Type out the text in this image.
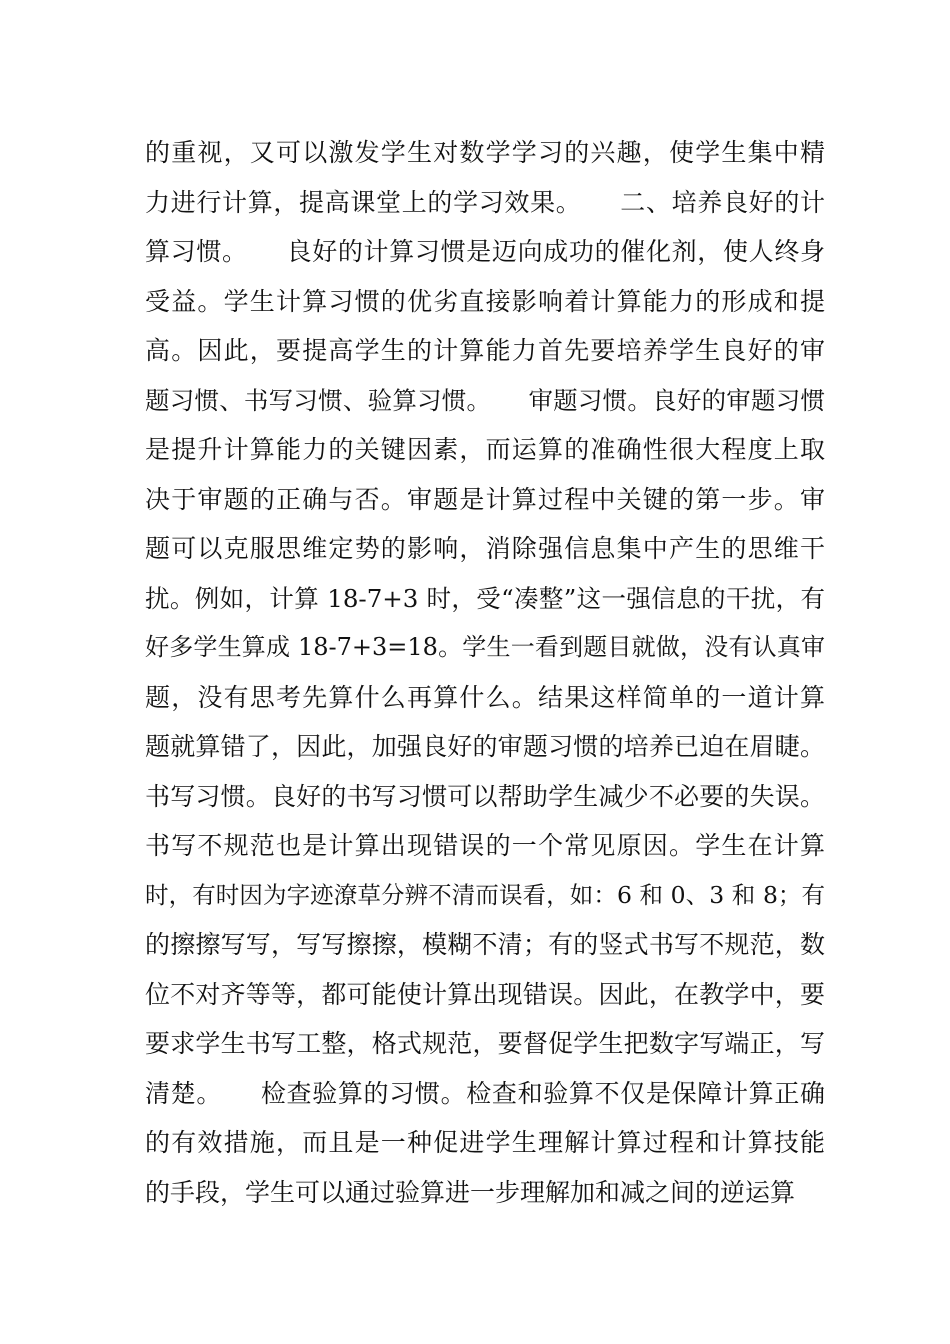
的重视，又可以激发学生对数学学习的兴趣，使学生集中精
力进行计算，提高课堂上的学习效果。　　二、培养良好的计
算习惯。　　良好的计算习惯是迈向成功的催化剂，使人终身
受益。学生计算习惯的优劣直接影响着计算能力的形成和提
高。因此，要提高学生的计算能力首先要培养学生良好的审
题习惯、书写习惯、验算习惯。　　审题习惯。良好的审题习惯
是提升计算能力的关键因素，而运算的准确性很大程度上取
决于审题的正确与否。审题是计算过程中关键的第一步。审
题可以克服思维定势的影响，消除强信息集中产生的思维干
扰。例如，计算 18-7+3 时，受“凑整”这一强信息的干扰，有
好多学生算成 18-7+3=18。学生一看到题目就做，没有认真审
题，没有思考先算什么再算什么。结果这样简单的一道计算
题就算错了，因此，加强良好的审题习惯的培养已迫在眉睫。
书写习惯。良好的书写习惯可以帮助学生减少不必要的失误。
书写不规范也是计算出现错误的一个常见原因。学生在计算
时，有时因为字迹潦草分辨不清而误看，如：6 和 0、3 和 8；有
的擦擦写写，写写擦擦，模糊不清；有的竖式书写不规范，数
位不对齐等等，都可能使计算出现错误。因此，在教学中，要
要求学生书写工整，格式规范，要督促学生把数字写端正，写
清楚。　　检查验算的习惯。检查和验算不仅是保障计算正确
的有效措施，而且是一种促进学生理解计算过程和计算技能
的手段，学生可以通过验算进一步理解加和减之间的逆运算
